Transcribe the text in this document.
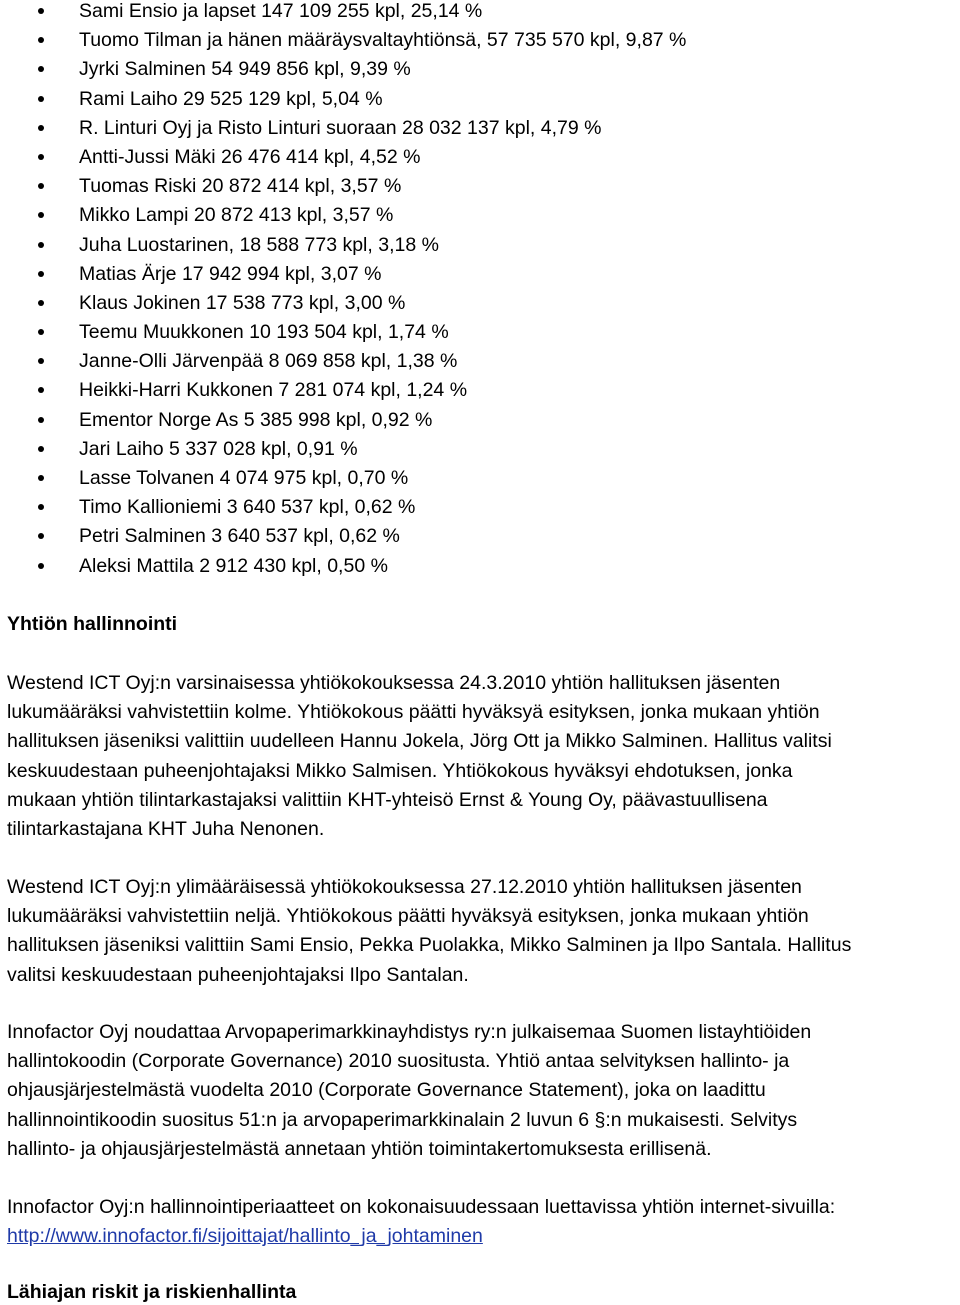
Sami Ensio ja lapset 147 109 255 kpl, 25,14 %
Tuomo Tilman ja hänen määräysvaltayhtiönsä, 57 735 570 kpl, 9,87 %
Jyrki Salminen 54 949 856 kpl, 9,39 %
Rami Laiho 29 525 129 kpl, 5,04 %
R. Linturi Oyj ja Risto Linturi suoraan 28 032 137 kpl, 4,79 %
Antti-Jussi Mäki 26 476 414 kpl, 4,52 %
Tuomas Riski 20 872 414 kpl, 3,57 %
Mikko Lampi 20 872 413 kpl, 3,57 %
Juha Luostarinen, 18 588 773 kpl, 3,18 %
Matias Ärje 17 942 994 kpl, 3,07 %
Klaus Jokinen 17 538 773 kpl, 3,00 %
Teemu Muukkonen 10 193 504 kpl, 1,74 %
Janne-Olli Järvenpää 8 069 858 kpl, 1,38 %
Heikki-Harri Kukkonen 7 281 074 kpl, 1,24 %
Ementor Norge As 5 385 998 kpl, 0,92 %
Jari Laiho 5 337 028 kpl, 0,91 %
Lasse Tolvanen 4 074 975 kpl, 0,70 %
Timo Kallioniemi 3 640 537 kpl, 0,62 %
Petri Salminen 3 640 537 kpl, 0,62 %
Aleksi Mattila 2 912 430 kpl, 0,50 %
Yhtiön hallinnointi
Westend ICT Oyj:n varsinaisessa yhtiökokouksessa 24.3.2010 yhtiön hallituksen jäsenten
lukumääräksi vahvistettiin kolme. Yhtiökokous päätti hyväksyä esityksen, jonka mukaan yhtiön
hallituksen jäseniksi valittiin uudelleen Hannu Jokela, Jörg Ott ja Mikko Salminen. Hallitus valitsi
keskuudestaan puheenjohtajaksi Mikko Salmisen. Yhtiökokous hyväksyi ehdotuksen, jonka
mukaan yhtiön tilintarkastajaksi valittiin KHT-yhteisö Ernst & Young Oy, päävastuullisena
tilintarkastajana KHT Juha Nenonen.
Westend ICT Oyj:n ylimääräisessä yhtiökokouksessa 27.12.2010 yhtiön hallituksen jäsenten
lukumääräksi vahvistettiin neljä. Yhtiökokous päätti hyväksyä esityksen, jonka mukaan yhtiön
hallituksen jäseniksi valittiin Sami Ensio, Pekka Puolakka, Mikko Salminen ja Ilpo Santala. Hallitus
valitsi keskuudestaan puheenjohtajaksi Ilpo Santalan.
Innofactor Oyj noudattaa Arvopaperimarkkinayhdistys ry:n julkaisemaa Suomen listayhtiöiden
hallintokoodin (Corporate Governance) 2010 suositusta. Yhtiö antaa selvityksen hallinto- ja
ohjausjärjestelmästä vuodelta 2010 (Corporate Governance Statement), joka on laadittu
hallinnointikoodin suositus 51:n ja arvopaperimarkkinalain 2 luvun 6 §:n mukaisesti. Selvitys
hallinto- ja ohjausjärjestelmästä annetaan yhtiön toimintakertomuksesta erillisenä.
Innofactor Oyj:n hallinnointiperiaatteet on kokonaisuudessaan luettavissa yhtiön internet-sivuilla:
http://www.innofactor.fi/sijoittajat/hallinto_ja_johtaminen
Lähiajan riskit ja riskienhallinta
